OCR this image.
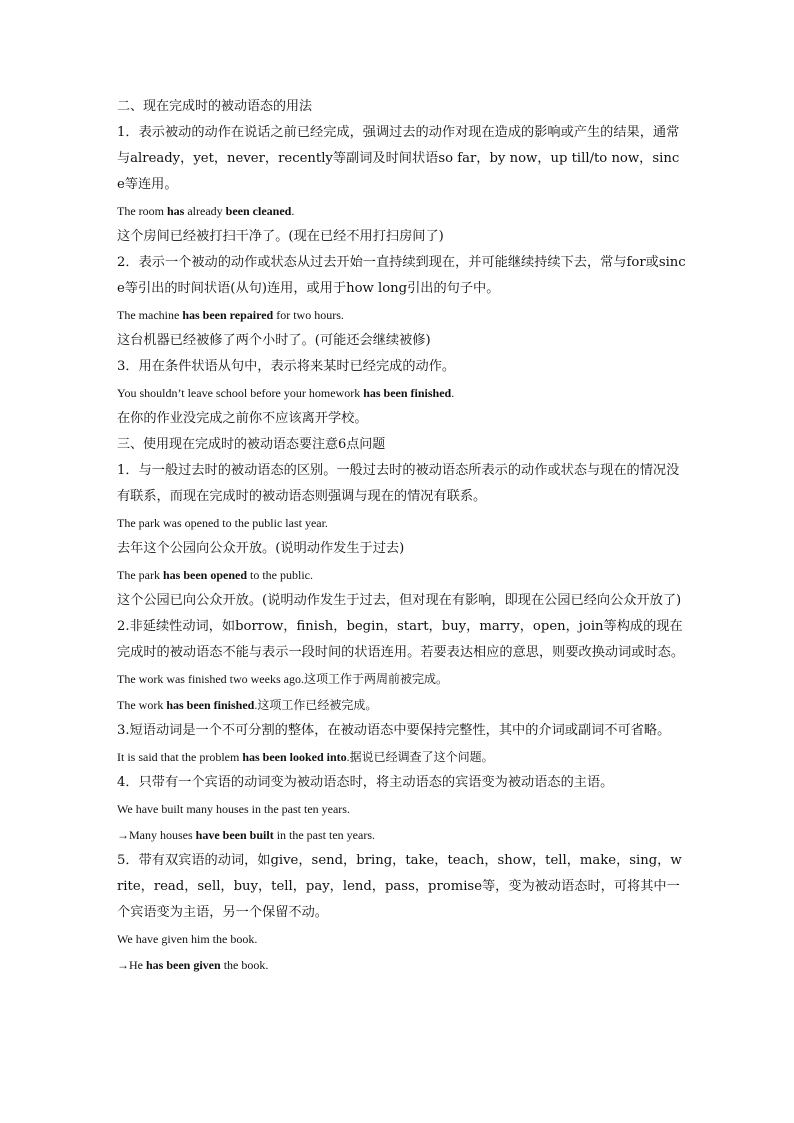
二、现在完成时的被动语态的用法
1．表示被动的动作在说话之前已经完成，强调过去的动作对现在造成的影响或产生的结果，通常与already，yet，never，recently等副词及时间状语so far，by now，up till/to now，since等连用。
The room has already been cleaned.
这个房间已经被打扫干净了。(现在已经不用打扫房间了)
2．表示一个被动的动作或状态从过去开始一直持续到现在，并可能继续持续下去，常与for或since等引出的时间状语(从句)连用，或用于how long引出的句子中。
The machine has been repaired for two hours.
这台机器已经被修了两个小时了。(可能还会继续被修)
3．用在条件状语从句中，表示将来某时已经完成的动作。
You shouldn’t leave school before your homework has been finished.
在你的作业没完成之前你不应该离开学校。
三、使用现在完成时的被动语态要注意6点问题
1．与一般过去时的被动语态的区别。一般过去时的被动语态所表示的动作或状态与现在的情况没有联系，而现在完成时的被动语态则强调与现在的情况有联系。
The park was opened to the public last year.
去年这个公园向公众开放。(说明动作发生于过去)
The park has been opened to the public.
这个公园已向公众开放。(说明动作发生于过去，但对现在有影响，即现在公园已经向公众开放了)
2.非延续性动词，如borrow，finish，begin，start，buy，marry，open，join等构成的现在完成时的被动语态不能与表示一段时间的状语连用。若要表达相应的意思，则要改换动词或时态。
The work was finished two weeks ago.这项工作于两周前被完成。
The work has been finished.这项工作已经被完成。
3.短语动词是一个不可分割的整体，在被动语态中要保持完整性，其中的介词或副词不可省略。
It is said that the problem has been looked into.据说已经调查了这个问题。
4．只带有一个宾语的动词变为被动语态时，将主动语态的宾语变为被动语态的主语。
We have built many houses in the past ten years.
→Many houses have been built in the past ten years.
5．带有双宾语的动词，如give，send，bring，take，teach，show，tell，make，sing，write，read，sell，buy，tell，pay，lend，pass，promise等，变为被动语态时，可将其中一个宾语变为主语，另一个保留不动。
We have given him the book.
→He has been given the book.
